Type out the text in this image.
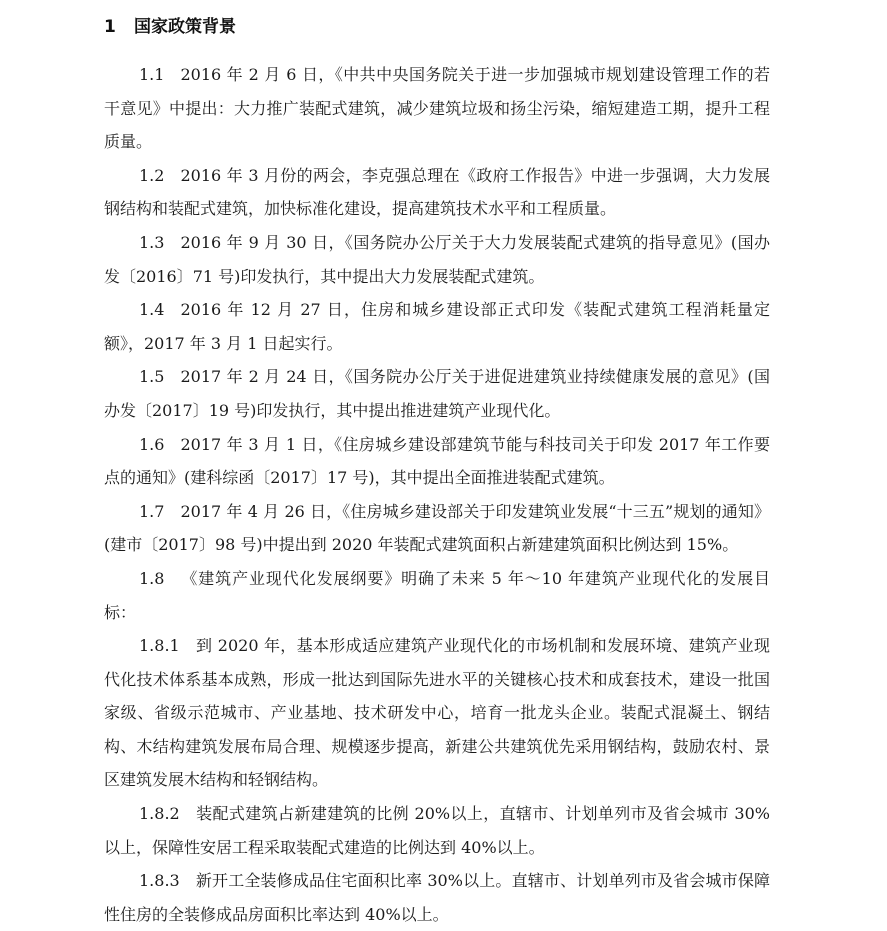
1 国家政策背景

1.1 2016 年 2 月 6 日，《中共中央国务院关于进一步加强城市规划建设管理工作的若干意见》中提出：大力推广装配式建筑，减少建筑垃圾和扬尘污染，缩短建造工期，提升工程质量。

1.2 2016 年 3 月份的两会，李克强总理在《政府工作报告》中进一步强调，大力发展钢结构和装配式建筑，加快标准化建设，提高建筑技术水平和工程质量。

1.3 2016 年 9 月 30 日，《国务院办公厅关于大力发展装配式建筑的指导意见》(国办发〔2016〕71 号)印发执行，其中提出大力发展装配式建筑。

1.4 2016 年 12 月 27 日，住房和城乡建设部正式印发《装配式建筑工程消耗量定额》，2017 年 3 月 1 日起实行。

1.5 2017 年 2 月 24 日，《国务院办公厅关于进促进建筑业持续健康发展的意见》(国办发〔2017〕19 号)印发执行，其中提出推进建筑产业现代化。

1.6 2017 年 3 月 1 日，《住房城乡建设部建筑节能与科技司关于印发 2017 年工作要点的通知》(建科综函〔2017〕17 号)，其中提出全面推进装配式建筑。

1.7 2017 年 4 月 26 日，《住房城乡建设部关于印发建筑业发展“十三五”规划的通知》(建市〔2017〕98 号)中提出到 2020 年装配式建筑面积占新建建筑面积比例达到 15%。

1.8 《建筑产业现代化发展纲要》明确了未来 5 年～10 年建筑产业现代化的发展目标：

1.8.1 到 2020 年，基本形成适应建筑产业现代化的市场机制和发展环境、建筑产业现代化技术体系基本成熟，形成一批达到国际先进水平的关键核心技术和成套技术，建设一批国家级、省级示范城市、产业基地、技术研发中心，培育一批龙头企业。装配式混凝土、钢结构、木结构建筑发展布局合理、规模逐步提高，新建公共建筑优先采用钢结构，鼓励农村、景区建筑发展木结构和轻钢结构。

1.8.2 装配式建筑占新建建筑的比例 20%以上，直辖市、计划单列市及省会城市 30%以上，保障性安居工程采取装配式建造的比例达到 40%以上。

1.8.3 新开工全装修成品住宅面积比率 30%以上。直辖市、计划单列市及省会城市保障性住房的全装修成品房面积比率达到 40%以上。
